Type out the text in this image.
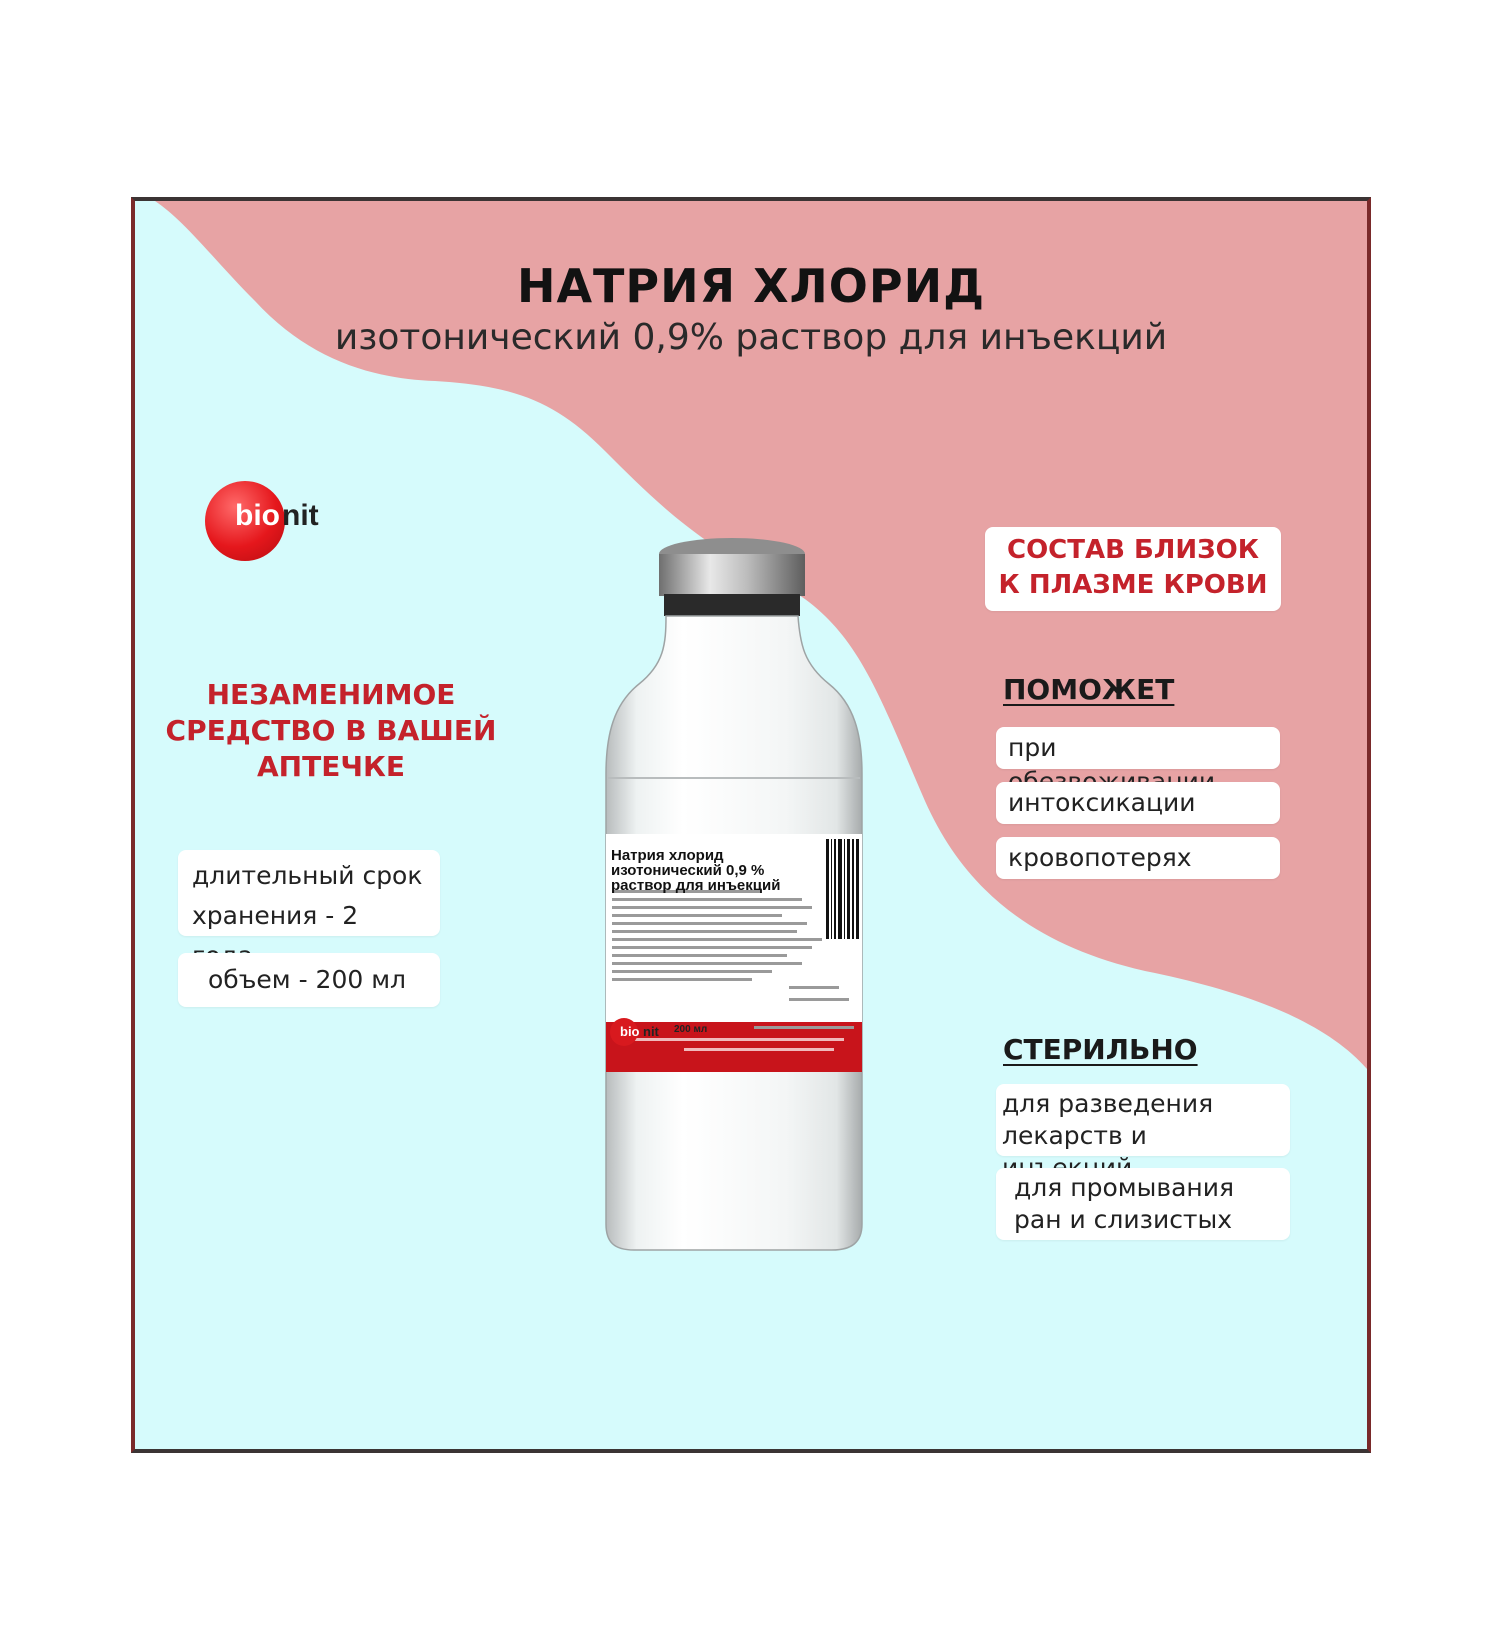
НАТРИЯ ХЛОРИД
изотонический 0,9% раствор для инъекций
bio nit
НЕЗАМЕНИМОЕ
СРЕДСТВО В ВАШЕЙ
АПТЕЧКЕ
длительный срок
хранения - 2
объем - 200 мл
Натрия хлорид
изотонический 0,9 %
раствор для инъекций
bio nit 200 мл
СОСТАВ БЛИЗОК
К ПЛАЗМЕ КРОВИ
ПОМОЖЕТ
при
интоксикации
кровопотерях
СТЕРИЛЬНО
для разведения
лекарств и
для промывания
ран и слизистых
